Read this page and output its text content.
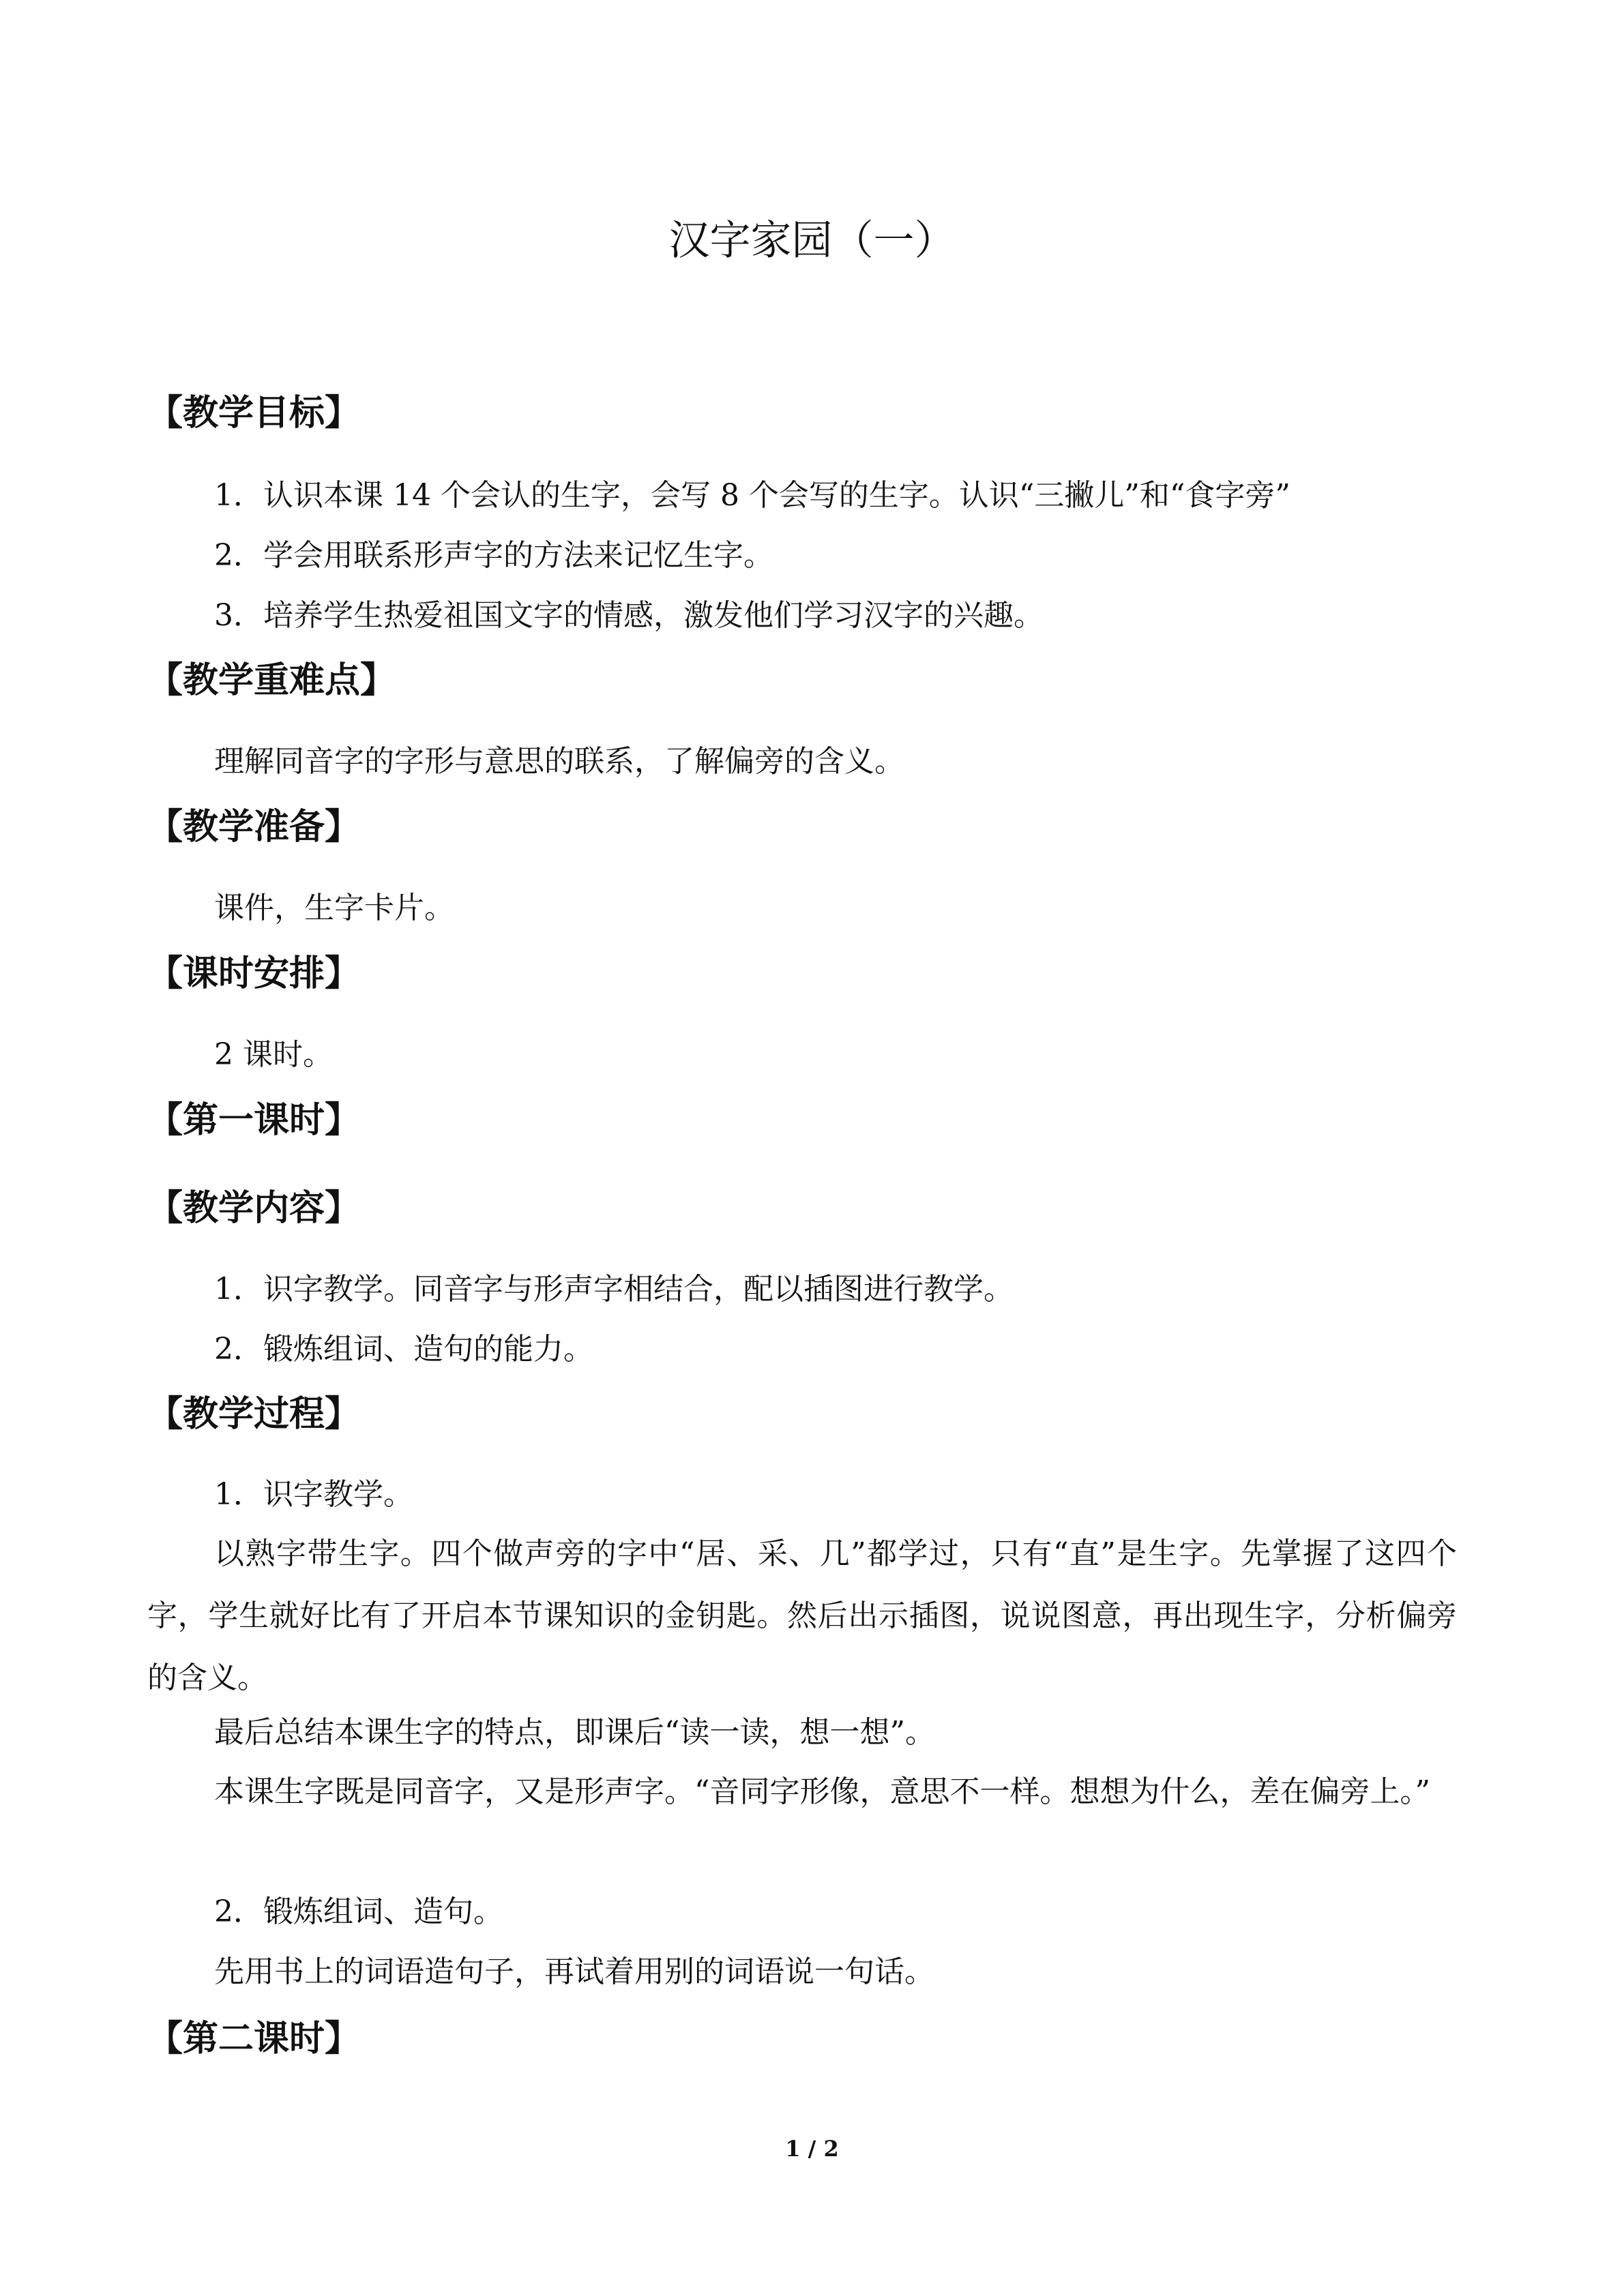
汉字家园（一）
【教学目标】
1．认识本课 14 个会认的生字，会写 8 个会写的生字。认识“三撇儿”和“食字旁”
2．学会用联系形声字的方法来记忆生字。
3．培养学生热爱祖国文字的情感，激发他们学习汉字的兴趣。
【教学重难点】
理解同音字的字形与意思的联系，了解偏旁的含义。
【教学准备】
课件，生字卡片。
【课时安排】
2 课时。
【第一课时】
【教学内容】
1．识字教学。同音字与形声字相结合，配以插图进行教学。
2．锻炼组词、造句的能力。
【教学过程】
1．识字教学。

以熟字带生字。四个做声旁的字中“居、采、几”都学过，只有“直”是生字。先掌握了这四个字，学生就好比有了开启本节课知识的金钥匙。然后出示插图，说说图意，再出现生字，分析偏旁的含义。

最后总结本课生字的特点，即课后“读一读，想一想”。

本课生字既是同音字，又是形声字。“音同字形像，意思不一样。想想为什么，差在偏旁上。”

2．锻炼组词、造句。
先用书上的词语造句子，再试着用别的词语说一句话。
【第二课时】
1 / 2
